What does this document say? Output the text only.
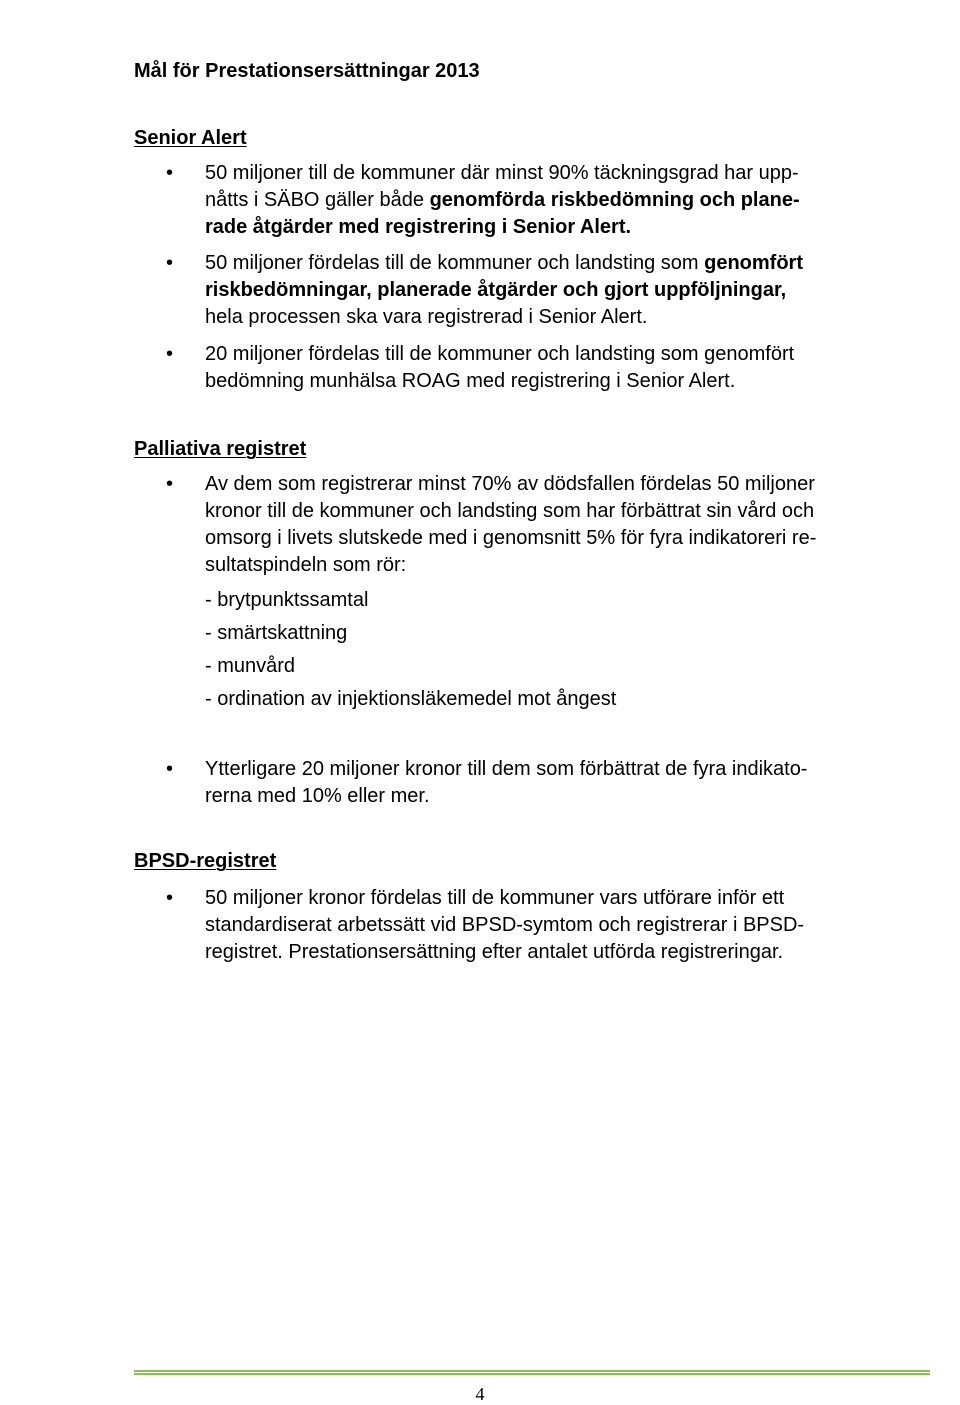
Mål för Prestationsersättningar 2013
Senior Alert
• 50 miljoner till de kommuner där minst 90% täckningsgrad har upp-
nåtts i SÄBO gäller både genomförda riskbedömning och plane-
rade åtgärder med registrering i Senior Alert.
• 50 miljoner fördelas till de kommuner och landsting som genomfört
riskbedömningar, planerade åtgärder och gjort uppföljningar,
hela processen ska vara registrerad i Senior Alert.
• 20 miljoner fördelas till de kommuner och landsting som genomfört
bedömning munhälsa ROAG med registrering i Senior Alert.
Palliativa registret
• Av dem som registrerar minst 70% av dödsfallen fördelas 50 miljoner
kronor till de kommuner och landsting som har förbättrat sin vård och
omsorg i livets slutskede med i genomsnitt 5% för fyra indikatoreri re-
sultatspindeln som rör:
- brytpunktssamtal
- smärtskattning
- munvård
- ordination av injektionsläkemedel mot ångest
• Ytterligare 20 miljoner kronor till dem som förbättrat de fyra indikato-
rerna med 10% eller mer.
BPSD-registret
• 50 miljoner kronor fördelas till de kommuner vars utförare inför ett
standardiserat arbetssätt vid BPSD-symtom och registrerar i BPSD-
registret. Prestationsersättning efter antalet utförda registreringar.
4
